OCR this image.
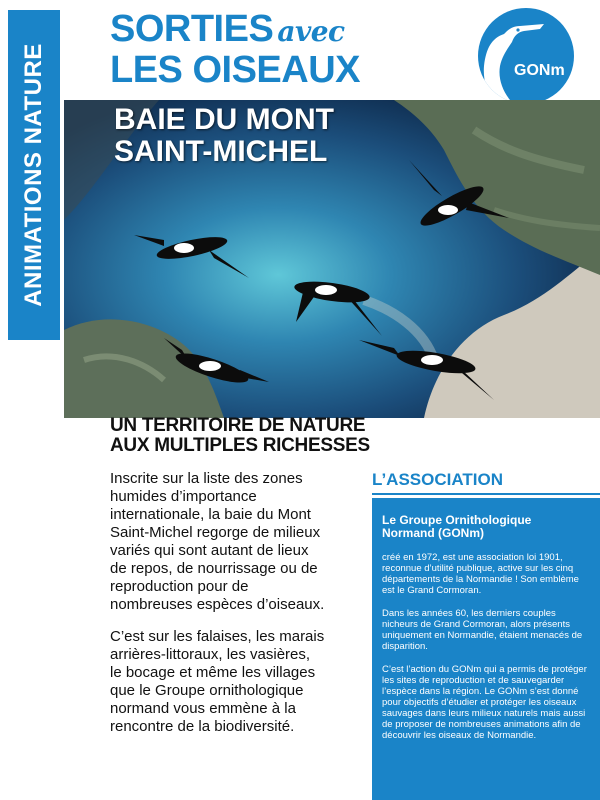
ANIMATIONS NATURE
SORTIES avec
LES OISEAUX	GONm
BAIE DU MONT
SAINT-MICHEL
UN TERRITOIRE DE NATURE
AUX MULTIPLES RICHESSES

Inscrite sur la liste des zones humides d’importance internationale, la baie du Mont Saint-Michel regorge de milieux variés qui sont autant de lieux de repos, de nourrissage ou de reproduction pour de nombreuses espèces d’oiseaux.

C’est sur les falaises, les marais arrières-littoraux, les vasières, le bocage et même les villages que le Groupe ornithologique normand vous emmène à la rencontre de la biodiversité.

L’ASSOCIATION
Le Groupe Ornithologique Normand (GONm)

créé en 1972, est une association loi 1901, reconnue d’utilité publique, active sur les cinq départements de la Normandie ! Son emblème est le Grand Cormoran.

Dans les années 60, les derniers couples nicheurs de Grand Cormoran, alors présents uniquement en Normandie, étaient menacés de disparition.

C’est l’action du GONm qui a permis de protéger les sites de reproduction et de sauvegarder l’espèce dans la région. Le GONm s’est donné pour objectifs d’étudier et protéger les oiseaux sauvages dans leurs milieux naturels mais aussi de proposer de nombreuses animations afin de découvrir les oiseaux de Normandie.
